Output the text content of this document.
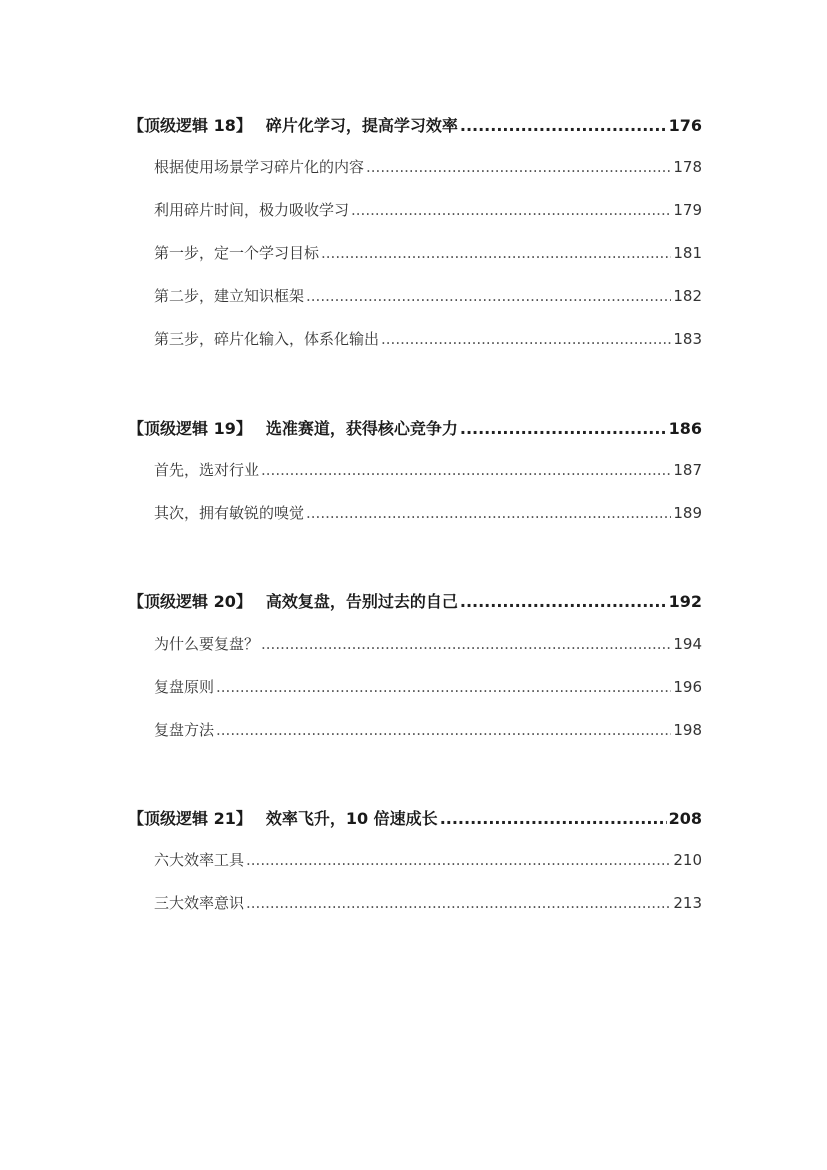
【顶级逻辑 18】 碎片化学习，提高学习效率 .....	176
根据使用场景学习碎片化的内容 .....	178
利用碎片时间，极力吸收学习 .....	179
第一步，定一个学习目标 .....	181
第二步，建立知识框架 .....	182
第三步，碎片化输入，体系化输出 .....	183
【顶级逻辑 19】 选准赛道，获得核心竞争力 .....	186
首先，选对行业 .....	187
其次，拥有敏锐的嗅觉 .....	189
【顶级逻辑 20】 高效复盘，告别过去的自己 .....	192
为什么要复盘？ .....	194
复盘原则 .....	196
复盘方法 .....	198
【顶级逻辑 21】 效率飞升，10 倍速成长 .....	208
六大效率工具 .....	210
三大效率意识 .....	213
